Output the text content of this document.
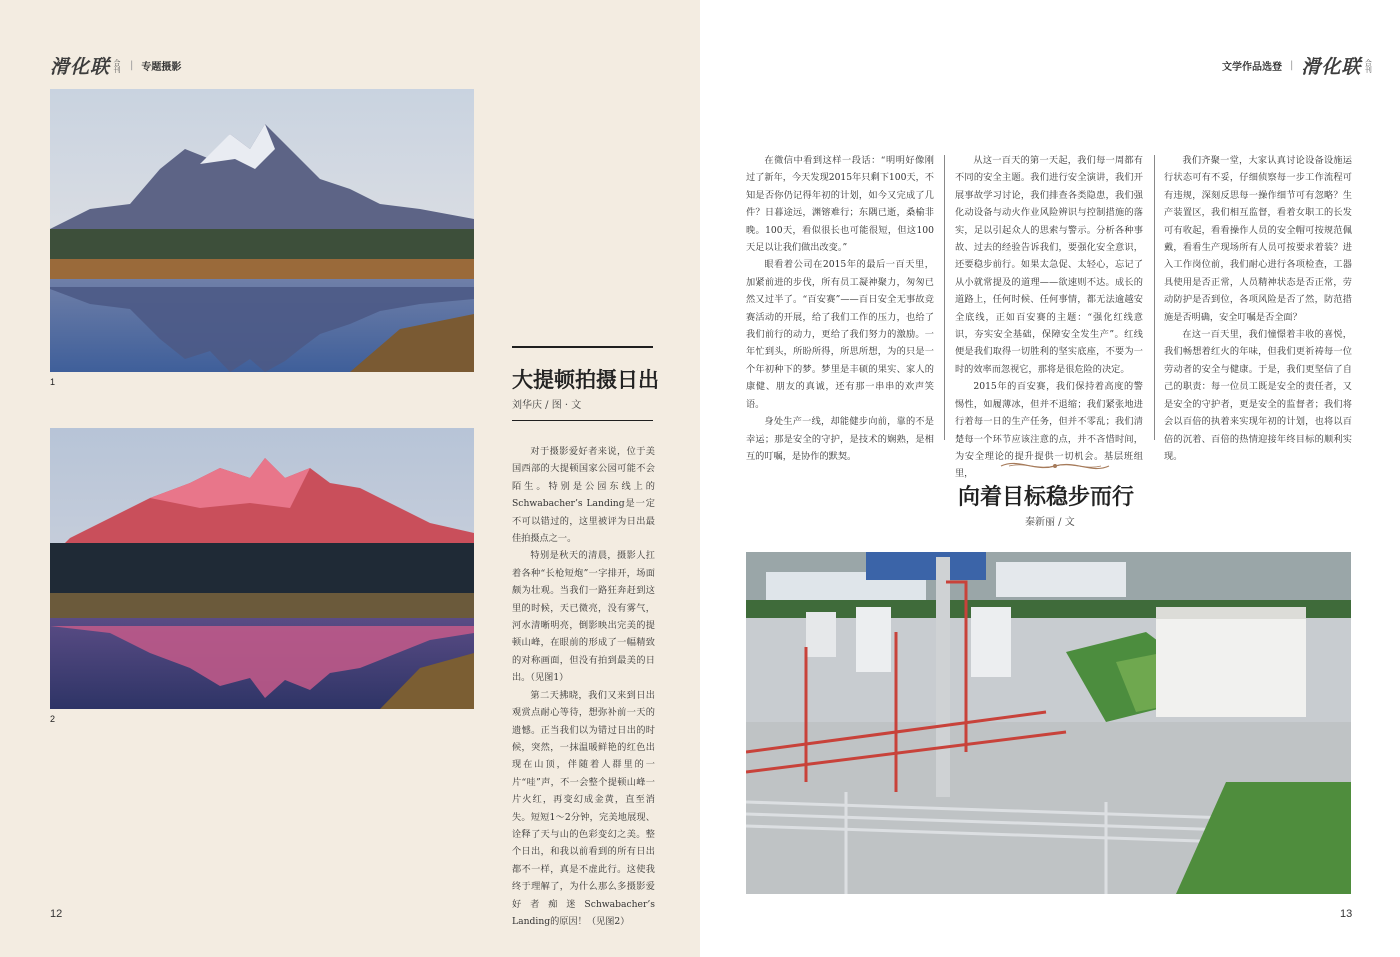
滑化联 合刊 | 专题摄影
1
2
大提顿拍摄日出
刘华庆 / 图 · 文

对于摄影爱好者来说，位于美国西部的大提顿国家公园可能不会陌生。特别是公园东线上的Schwabacher’s Landing是一定不可以错过的，这里被评为日出最佳拍摄点之一。

特别是秋天的清晨，摄影人扛着各种“长枪短炮”一字排开，场面颇为壮观。当我们一路狂奔赶到这里的时候，天已微亮，没有雾气，河水清晰明亮，倒影映出完美的提顿山峰，在眼前的形成了一幅精致的对称画面，但没有拍到最美的日出。（见图1）

第二天拂晓，我们又来到日出观赏点耐心等待，想弥补前一天的遗憾。正当我们以为错过日出的时候，突然，一抹温暖鲜艳的红色出现在山顶，伴随着人群里的一片“哇”声，不一会整个提顿山峰一片火红，再变幻成金黄，直至消失。短短1～2分钟，完美地展现、诠释了天与山的色彩变幻之美。整个日出，和我以前看到的所有日出都不一样，真是不虚此行。这使我终于理解了，为什么那么多摄影爱好者痴迷Schwabacher’s Landing的原因！（见图2）

12
文学作品选登 | 滑化联 合刊

在微信中看到这样一段话：“明明好像刚过了新年，今天发现2015年只剩下100天，不知是否你仍记得年初的计划，如今又完成了几件？日暮途远，渊镕难行；东隅已逝，桑榆非晚。100天，看似很长也可能很短，但这100天足以让我们做出改变。”

眼看着公司在2015年的最后一百天里，加紧前进的步伐，所有员工凝神聚力，匆匆已然又过半了。“百安赛”——百日安全无事故竞赛活动的开展，给了我们工作的压力，也给了我们前行的动力，更给了我们努力的激励。一年忙到头，所盼所得，所思所想，为的只是一个年初种下的梦。梦里是丰硕的果实、家人的康健、朋友的真诚，还有那一串串的欢声笑语。

身处生产一线，却能健步向前，靠的不是幸运；那是安全的守护，是技术的娴熟，是相互的叮嘱，是协作的默契。

从这一百天的第一天起，我们每一周都有不同的安全主题。我们进行安全演讲，我们开展事故学习讨论，我们排查各类隐患，我们强化动设备与动火作业风险辨识与控制措施的落实，足以引起众人的思索与警示。分析各种事故、过去的经验告诉我们，要强化安全意识，还要稳步前行。如果太急促、太轻心，忘记了从小就常提及的道理——欲速则不达。成长的道路上，任何时候、任何事情，都无法逾越安全底线，正如百安赛的主题：“强化红线意识，夯实安全基础，保障安全发生产”。红线便是我们取得一切胜利的坚实底座，不要为一时的效率而忽视它，那将是很危险的决定。

2015年的百安赛，我们保持着高度的警惕性，如履薄冰，但并不退缩；我们紧张地进行着每一日的生产任务，但并不零乱；我们清楚每一个环节应该注意的点，并不吝惜时间，为安全理论的提升提供一切机会。基层班组里，

我们齐聚一堂，大家认真讨论设备设施运行状态可有不妥，仔细侦察每一步工作流程可有违规，深刻反思每一操作细节可有忽略？生产装置区，我们相互监督，看着女职工的长发可有收起，看看操作人员的安全帽可按规范佩戴，看看生产现场所有人员可按要求着装？进入工作岗位前，我们耐心进行各项检查，工器具使用是否正常，人员精神状态是否正常，劳动防护是否到位，各项风险是否了然，防范措施是否明确，安全叮嘱是否全面？

在这一百天里，我们憧憬着丰收的喜悦，我们畅想着红火的年味，但我们更祈祷每一位劳动者的安全与健康。于是，我们更坚信了自己的职责：每一位员工既是安全的责任者，又是安全的守护者，更是安全的监督者；我们将会以百倍的执着来实现年初的计划，也将以百倍的沉着、百倍的热情迎接年终目标的顺利实现。

向着目标稳步而行
秦新丽 / 文
13
